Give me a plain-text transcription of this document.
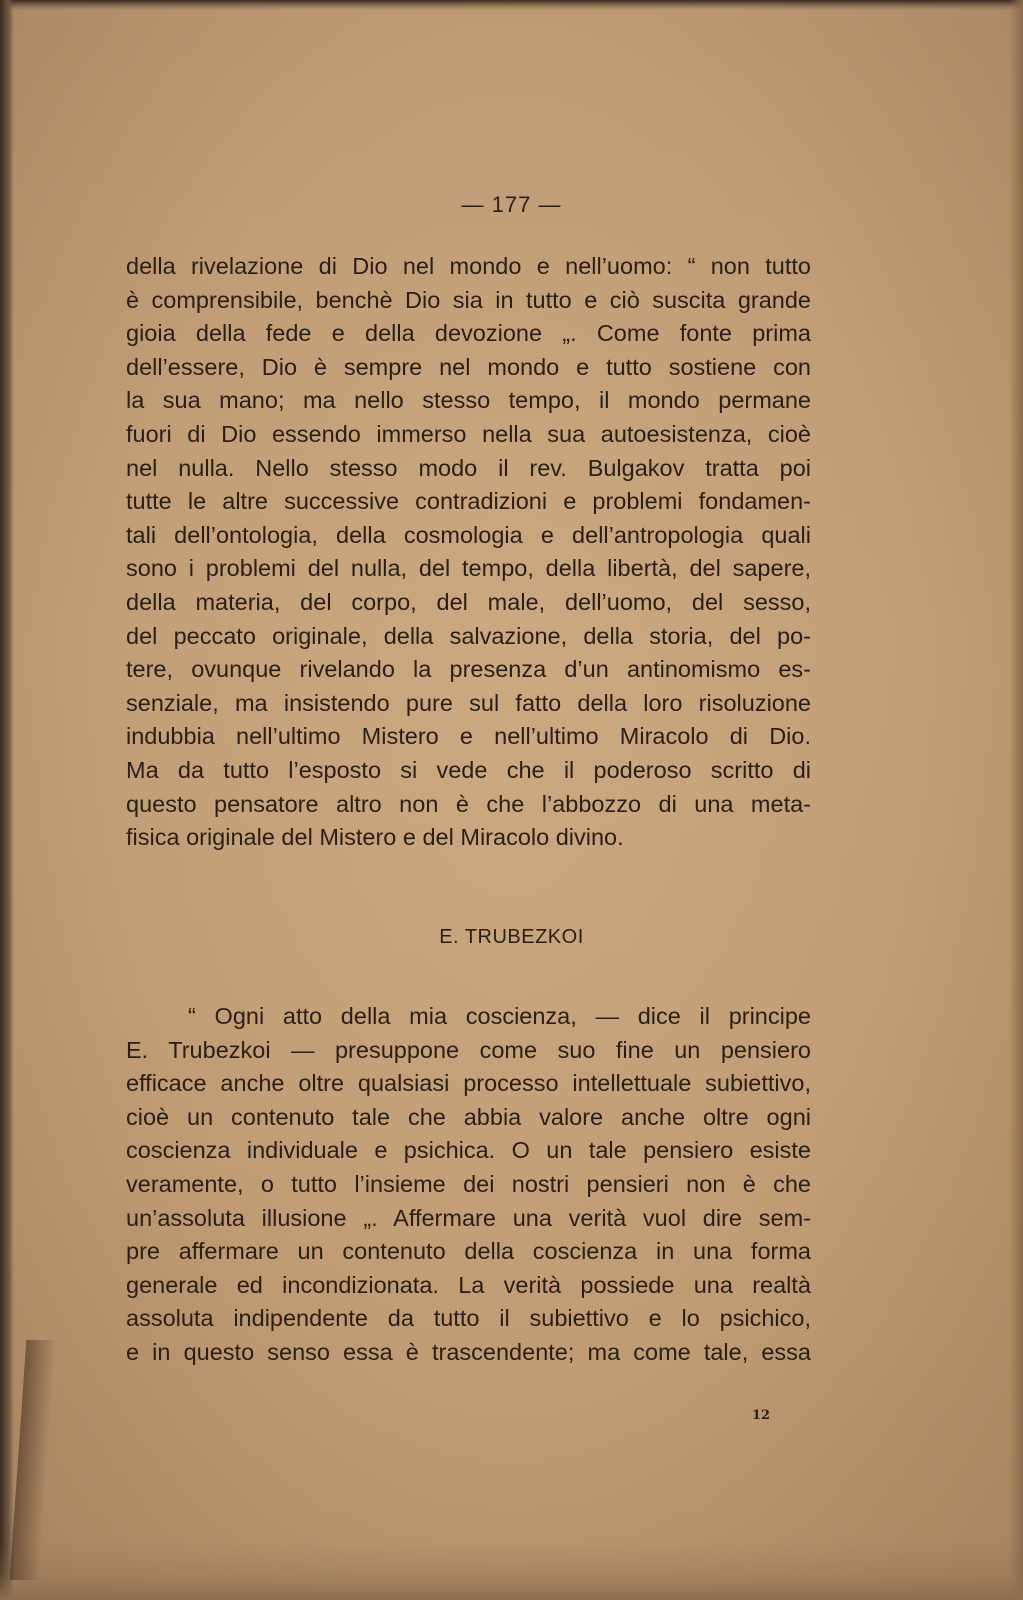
— 177 —
della rivelazione di Dio nel mondo e nell’uomo: “ non tutto
è comprensibile, benchè Dio sia in tutto e ciò suscita grande
gioia della fede e della devozione „. Come fonte prima
dell’essere, Dio è sempre nel mondo e tutto sostiene con
la sua mano; ma nello stesso tempo, il mondo permane
fuori di Dio essendo immerso nella sua autoesistenza, cioè
nel nulla. Nello stesso modo il rev. Bulgakov tratta poi
tutte le altre successive contradizioni e problemi fondamen-
tali dell’ontologia, della cosmologia e dell’antropologia quali
sono i problemi del nulla, del tempo, della libertà, del sapere,
della materia, del corpo, del male, dell’uomo, del sesso,
del peccato originale, della salvazione, della storia, del po-
tere, ovunque rivelando la presenza d’un antinomismo es-
senziale, ma insistendo pure sul fatto della loro risoluzione
indubbia nell’ultimo Mistero e nell’ultimo Miracolo di Dio.
Ma da tutto l’esposto si vede che il poderoso scritto di
questo pensatore altro non è che l’abbozzo di una meta-
fisica originale del Mistero e del Miracolo divino.
E. TRUBEZKOI
“ Ogni atto della mia coscienza, — dice il principe
E. Trubezkoi — presuppone come suo fine un pensiero
efficace anche oltre qualsiasi processo intellettuale subiettivo,
cioè un contenuto tale che abbia valore anche oltre ogni
coscienza individuale e psichica. O un tale pensiero esiste
veramente, o tutto l’insieme dei nostri pensieri non è che
un’assoluta illusione „. Affermare una verità vuol dire sem-
pre affermare un contenuto della coscienza in una forma
generale ed incondizionata. La verità possiede una realtà
assoluta indipendente da tutto il subiettivo e lo psichico,
e in questo senso essa è trascendente; ma come tale, essa
12
